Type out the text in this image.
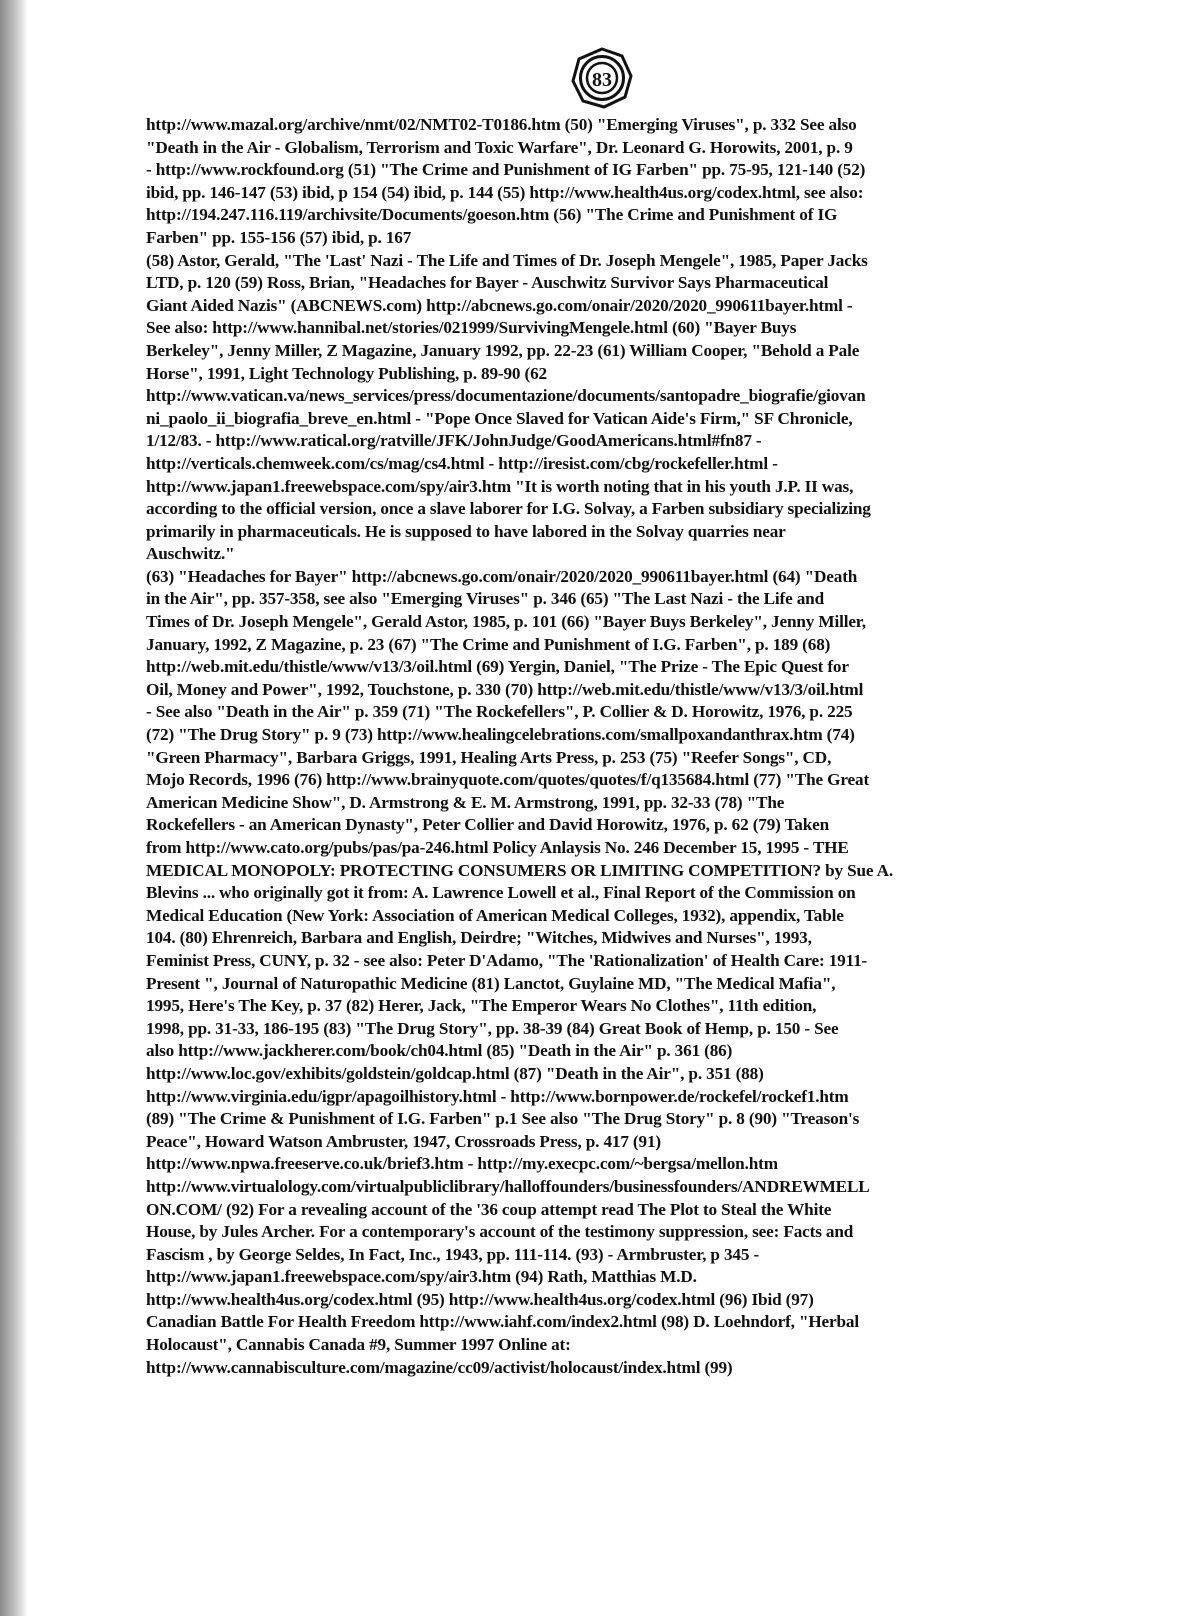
83

http://www.mazal.org/archive/nmt/02/NMT02-T0186.htm (50) "Emerging Viruses", p. 332 See also
"Death in the Air - Globalism, Terrorism and Toxic Warfare", Dr. Leonard G. Horowits, 2001, p. 9
- http://www.rockfound.org (51) "The Crime and Punishment of IG Farben" pp. 75-95, 121-140 (52)
ibid, pp. 146-147 (53) ibid, p 154 (54) ibid, p. 144 (55) http://www.health4us.org/codex.html, see also:
http://194.247.116.119/archivsite/Documents/goeson.htm (56) "The Crime and Punishment of IG
Farben" pp. 155-156 (57) ibid, p. 167

(58) Astor, Gerald, "The 'Last' Nazi - The Life and Times of Dr. Joseph Mengele", 1985, Paper Jacks
LTD, p. 120 (59) Ross, Brian, "Headaches for Bayer - Auschwitz Survivor Says Pharmaceutical
Giant Aided Nazis" (ABCNEWS.com) http://abcnews.go.com/onair/2020/2020_990611bayer.html -
See also: http://www.hannibal.net/stories/021999/SurvivingMengele.html (60) "Bayer Buys
Berkeley", Jenny Miller, Z Magazine, January 1992, pp. 22-23 (61) William Cooper, "Behold a Pale
Horse", 1991, Light Technology Publishing, p. 89-90 (62
http://www.vatican.va/news_services/press/documentazione/documents/santopadre_biografie/giovan
ni_paolo_ii_biografia_breve_en.html - "Pope Once Slaved for Vatican Aide's Firm," SF Chronicle,
1/12/83. - http://www.ratical.org/ratville/JFK/JohnJudge/GoodAmericans.html#fn87 -
http://verticals.chemweek.com/cs/mag/cs4.html - http://iresist.com/cbg/rockefeller.html -
http://www.japan1.freewebspace.com/spy/air3.htm "It is worth noting that in his youth J.P. II was,
according to the official version, once a slave laborer for I.G. Solvay, a Farben subsidiary specializing
primarily in pharmaceuticals. He is supposed to have labored in the Solvay quarries near
Auschwitz."

(63) "Headaches for Bayer" http://abcnews.go.com/onair/2020/2020_990611bayer.html (64) "Death
in the Air", pp. 357-358, see also "Emerging Viruses" p. 346 (65) "The Last Nazi - the Life and
Times of Dr. Joseph Mengele", Gerald Astor, 1985, p. 101 (66) "Bayer Buys Berkeley", Jenny Miller,
January, 1992, Z Magazine, p. 23 (67) "The Crime and Punishment of I.G. Farben", p. 189 (68)
http://web.mit.edu/thistle/www/v13/3/oil.html (69) Yergin, Daniel, "The Prize - The Epic Quest for
Oil, Money and Power", 1992, Touchstone, p. 330 (70) http://web.mit.edu/thistle/www/v13/3/oil.html
- See also "Death in the Air" p. 359 (71) "The Rockefellers", P. Collier & D. Horowitz, 1976, p. 225
(72) "The Drug Story" p. 9 (73) http://www.healingcelebrations.com/smallpoxandanthrax.htm (74)
"Green Pharmacy", Barbara Griggs, 1991, Healing Arts Press, p. 253 (75) "Reefer Songs", CD,
Mojo Records, 1996 (76) http://www.brainyquote.com/quotes/quotes/f/q135684.html (77) "The Great
American Medicine Show", D. Armstrong & E. M. Armstrong, 1991, pp. 32-33 (78) "The
Rockefellers - an American Dynasty", Peter Collier and David Horowitz, 1976, p. 62 (79) Taken
from http://www.cato.org/pubs/pas/pa-246.html Policy Anlaysis No. 246 December 15, 1995 - THE
MEDICAL MONOPOLY: PROTECTING CONSUMERS OR LIMITING COMPETITION? by Sue A.
Blevins ... who originally got it from: A. Lawrence Lowell et al., Final Report of the Commission on
Medical Education (New York: Association of American Medical Colleges, 1932), appendix, Table
104. (80) Ehrenreich, Barbara and English, Deirdre; "Witches, Midwives and Nurses", 1993,
Feminist Press, CUNY, p. 32 - see also: Peter D'Adamo, "The 'Rationalization' of Health Care: 1911-
Present ", Journal of Naturopathic Medicine (81) Lanctot, Guylaine MD, "The Medical Mafia",
1995, Here's The Key, p. 37 (82) Herer, Jack, "The Emperor Wears No Clothes", 11th edition,
1998, pp. 31-33, 186-195 (83) "The Drug Story", pp. 38-39 (84) Great Book of Hemp, p. 150 - See
also http://www.jackherer.com/book/ch04.html (85) "Death in the Air" p. 361 (86)
http://www.loc.gov/exhibits/goldstein/goldcap.html (87) "Death in the Air", p. 351 (88)
http://www.virginia.edu/igpr/apagoilhistory.html - http://www.bornpower.de/rockefel/rockef1.htm
(89) "The Crime & Punishment of I.G. Farben" p.1 See also "The Drug Story" p. 8 (90) "Treason's
Peace", Howard Watson Ambruster, 1947, Crossroads Press, p. 417 (91)
http://www.npwa.freeserve.co.uk/brief3.htm - http://my.execpc.com/~bergsa/mellon.htm
http://www.virtualology.com/virtualpubliclibrary/halloffounders/businessfounders/ANDREWMELL
ON.COM/ (92) For a revealing account of the '36 coup attempt read The Plot to Steal the White
House, by Jules Archer. For a contemporary's account of the testimony suppression, see: Facts and
Fascism , by George Seldes, In Fact, Inc., 1943, pp. 111-114. (93) - Armbruster, p 345 -
http://www.japan1.freewebspace.com/spy/air3.htm (94) Rath, Matthias M.D.
http://www.health4us.org/codex.html (95) http://www.health4us.org/codex.html (96) Ibid (97)
Canadian Battle For Health Freedom http://www.iahf.com/index2.html (98) D. Loehndorf, "Herbal
Holocaust", Cannabis Canada #9, Summer 1997 Online at:
http://www.cannabisculture.com/magazine/cc09/activist/holocaust/index.html (99)
